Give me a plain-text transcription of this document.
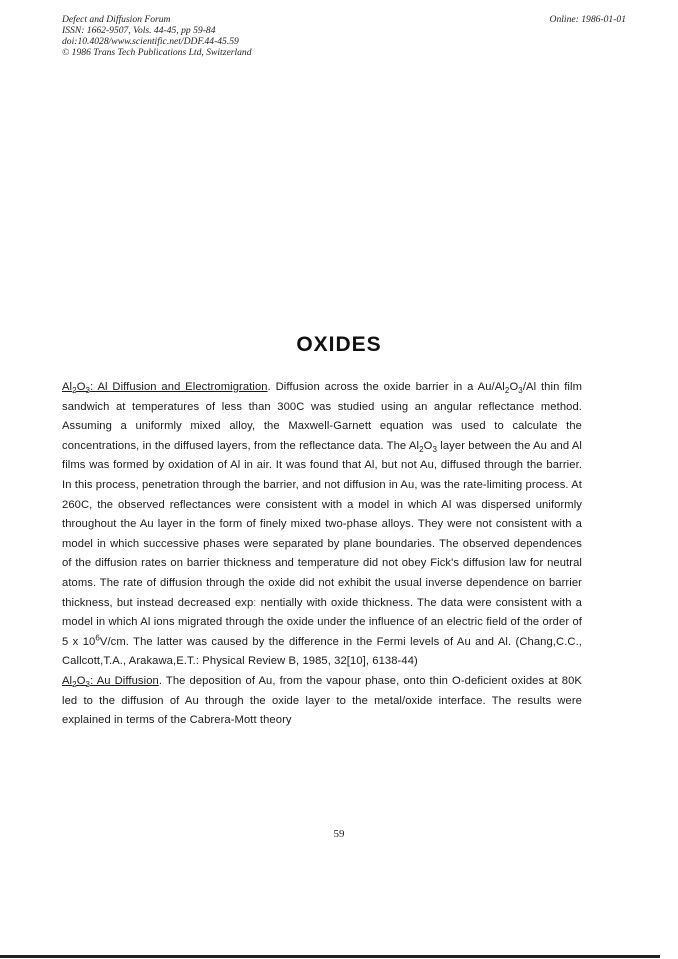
Defect and Diffusion Forum
ISSN: 1662-9507, Vols. 44-45, pp 59-84
doi:10.4028/www.scientific.net/DDF.44-45.59
© 1986 Trans Tech Publications Ltd, Switzerland
Online: 1986-01-01
OXIDES

$Al_2O_3$: Al Diffusion and Electromigration. Diffusion across the oxide barrier in a $Au/Al_2O_3/Al$ thin film sandwich at temperatures of less than 300C was studied using an angular reflectance method. Assuming a uniformly mixed alloy, the Maxwell-Garnett equation was used to calculate the concentrations, in the diffused layers, from the reflectance data. The $Al_2O_3$ layer between the Au and Al films was formed by oxidation of Al in air. It was found that Al, but not Au, diffused through the barrier. In this process, penetration through the barrier, and not diffusion in Au, was the rate-limiting process. At 260C, the observed reflectances were consistent with a model in which Al was dispersed uniformly throughout the Au layer in the form of finely mixed two-phase alloys. They were not consistent with a model in which successive phases were separated by plane boundaries. The observed dependences of the diffusion rates on barrier thickness and temperature did not obey Fick's diffusion law for neutral atoms. The rate of diffusion through the oxide did not exhibit the usual inverse dependence on barrier thickness, but instead decreased expː nentially with oxide thickness. The data were consistent with a model in which Al ions migrated through the oxide under the influence of an electric field of the order of 5 x $10^6V/cm$. The latter was caused by the difference in the Fermi levels of Au and Al. (Chang,C.C., Callcott,T.A., Arakawa,E.T.: Physical Review B, 1985, 32[10], 6138-44)

$Al_2O_3$: Au Diffusion. The deposition of Au, from the vapour phase, onto thin O-deficient oxides at 80K led to the diffusion of Au through the oxide layer to the metal/oxide interface. The results were explained in terms of the Cabrera-Mott theory

59
